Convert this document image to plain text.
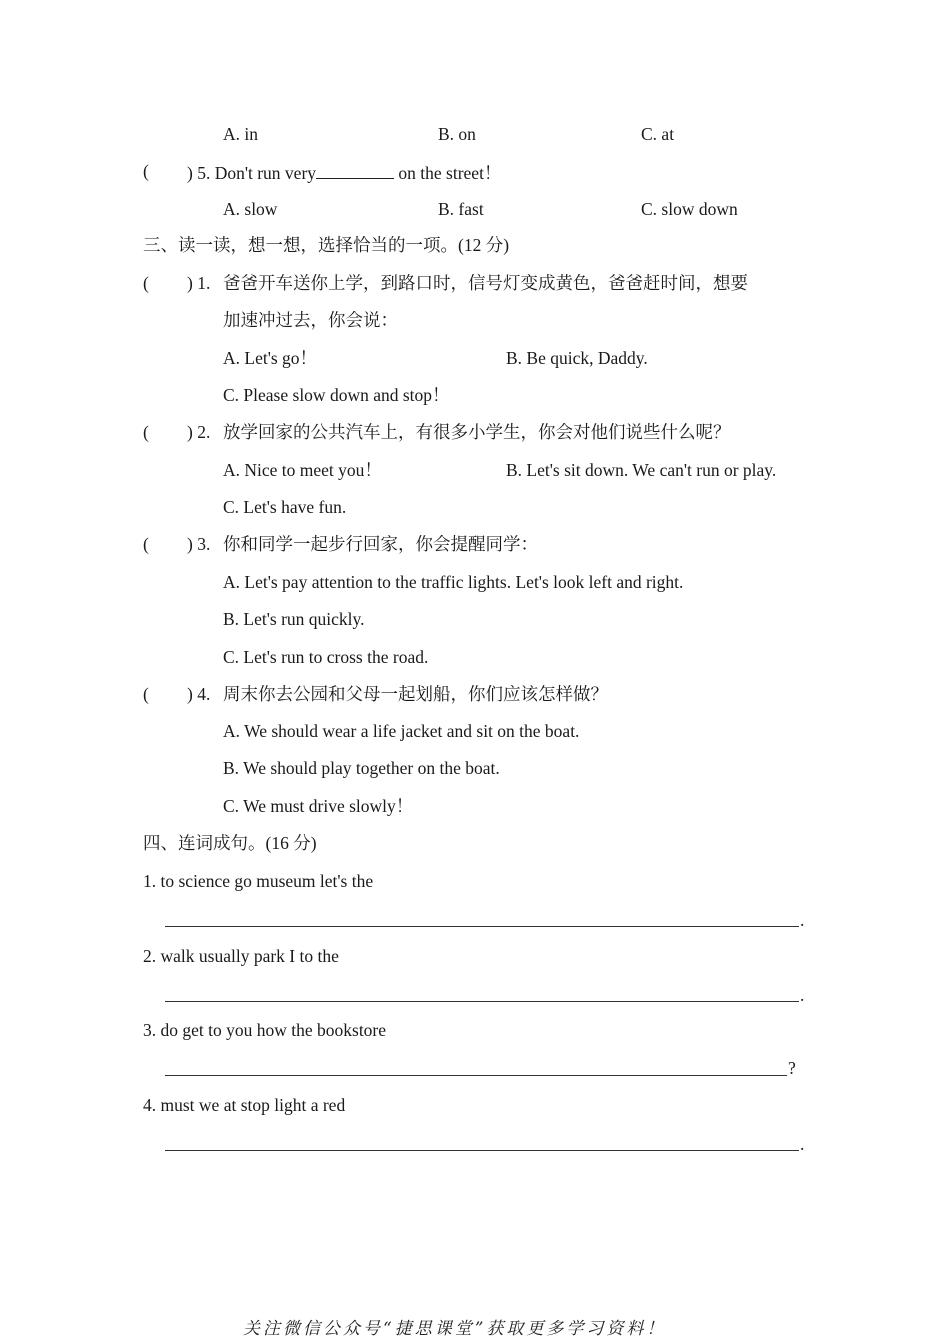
A. in	B. on	C. at
( ) 5. Don't run very	on the street！
A. slow	B. fast	C. slow down
三、读一读，想一想，选择恰当的一项。(12 分)
( ) 1. 爸爸开车送你上学，到路口时，信号灯变成黄色，爸爸赶时间，想要
加速冲过去，你会说：
A. Let's go！	B. Be quick, Daddy.
C. Please slow down and stop！
( ) 2. 放学回家的公共汽车上，有很多小学生，你会对他们说些什么呢？
A. Nice to meet you！	B. Let's sit down. We can't run or play.
C. Let's have fun.
( ) 3. 你和同学一起步行回家，你会提醒同学：
A. Let's pay attention to the traffic lights. Let's look left and right.
B. Let's run quickly.
C. Let's run to cross the road.
( ) 4. 周末你去公园和父母一起划船，你们应该怎样做？
A. We should wear a life jacket and sit on the boat.
B. We should play together on the boat.
C. We must drive slowly！
四、连词成句。(16 分)
1. to science go museum let's the
.
2. walk usually park I to the
.
3. do get to you how the bookstore
?
4. must we at stop light a red
.
关注微信公众号“捷思课堂”获取更多学习资料！
